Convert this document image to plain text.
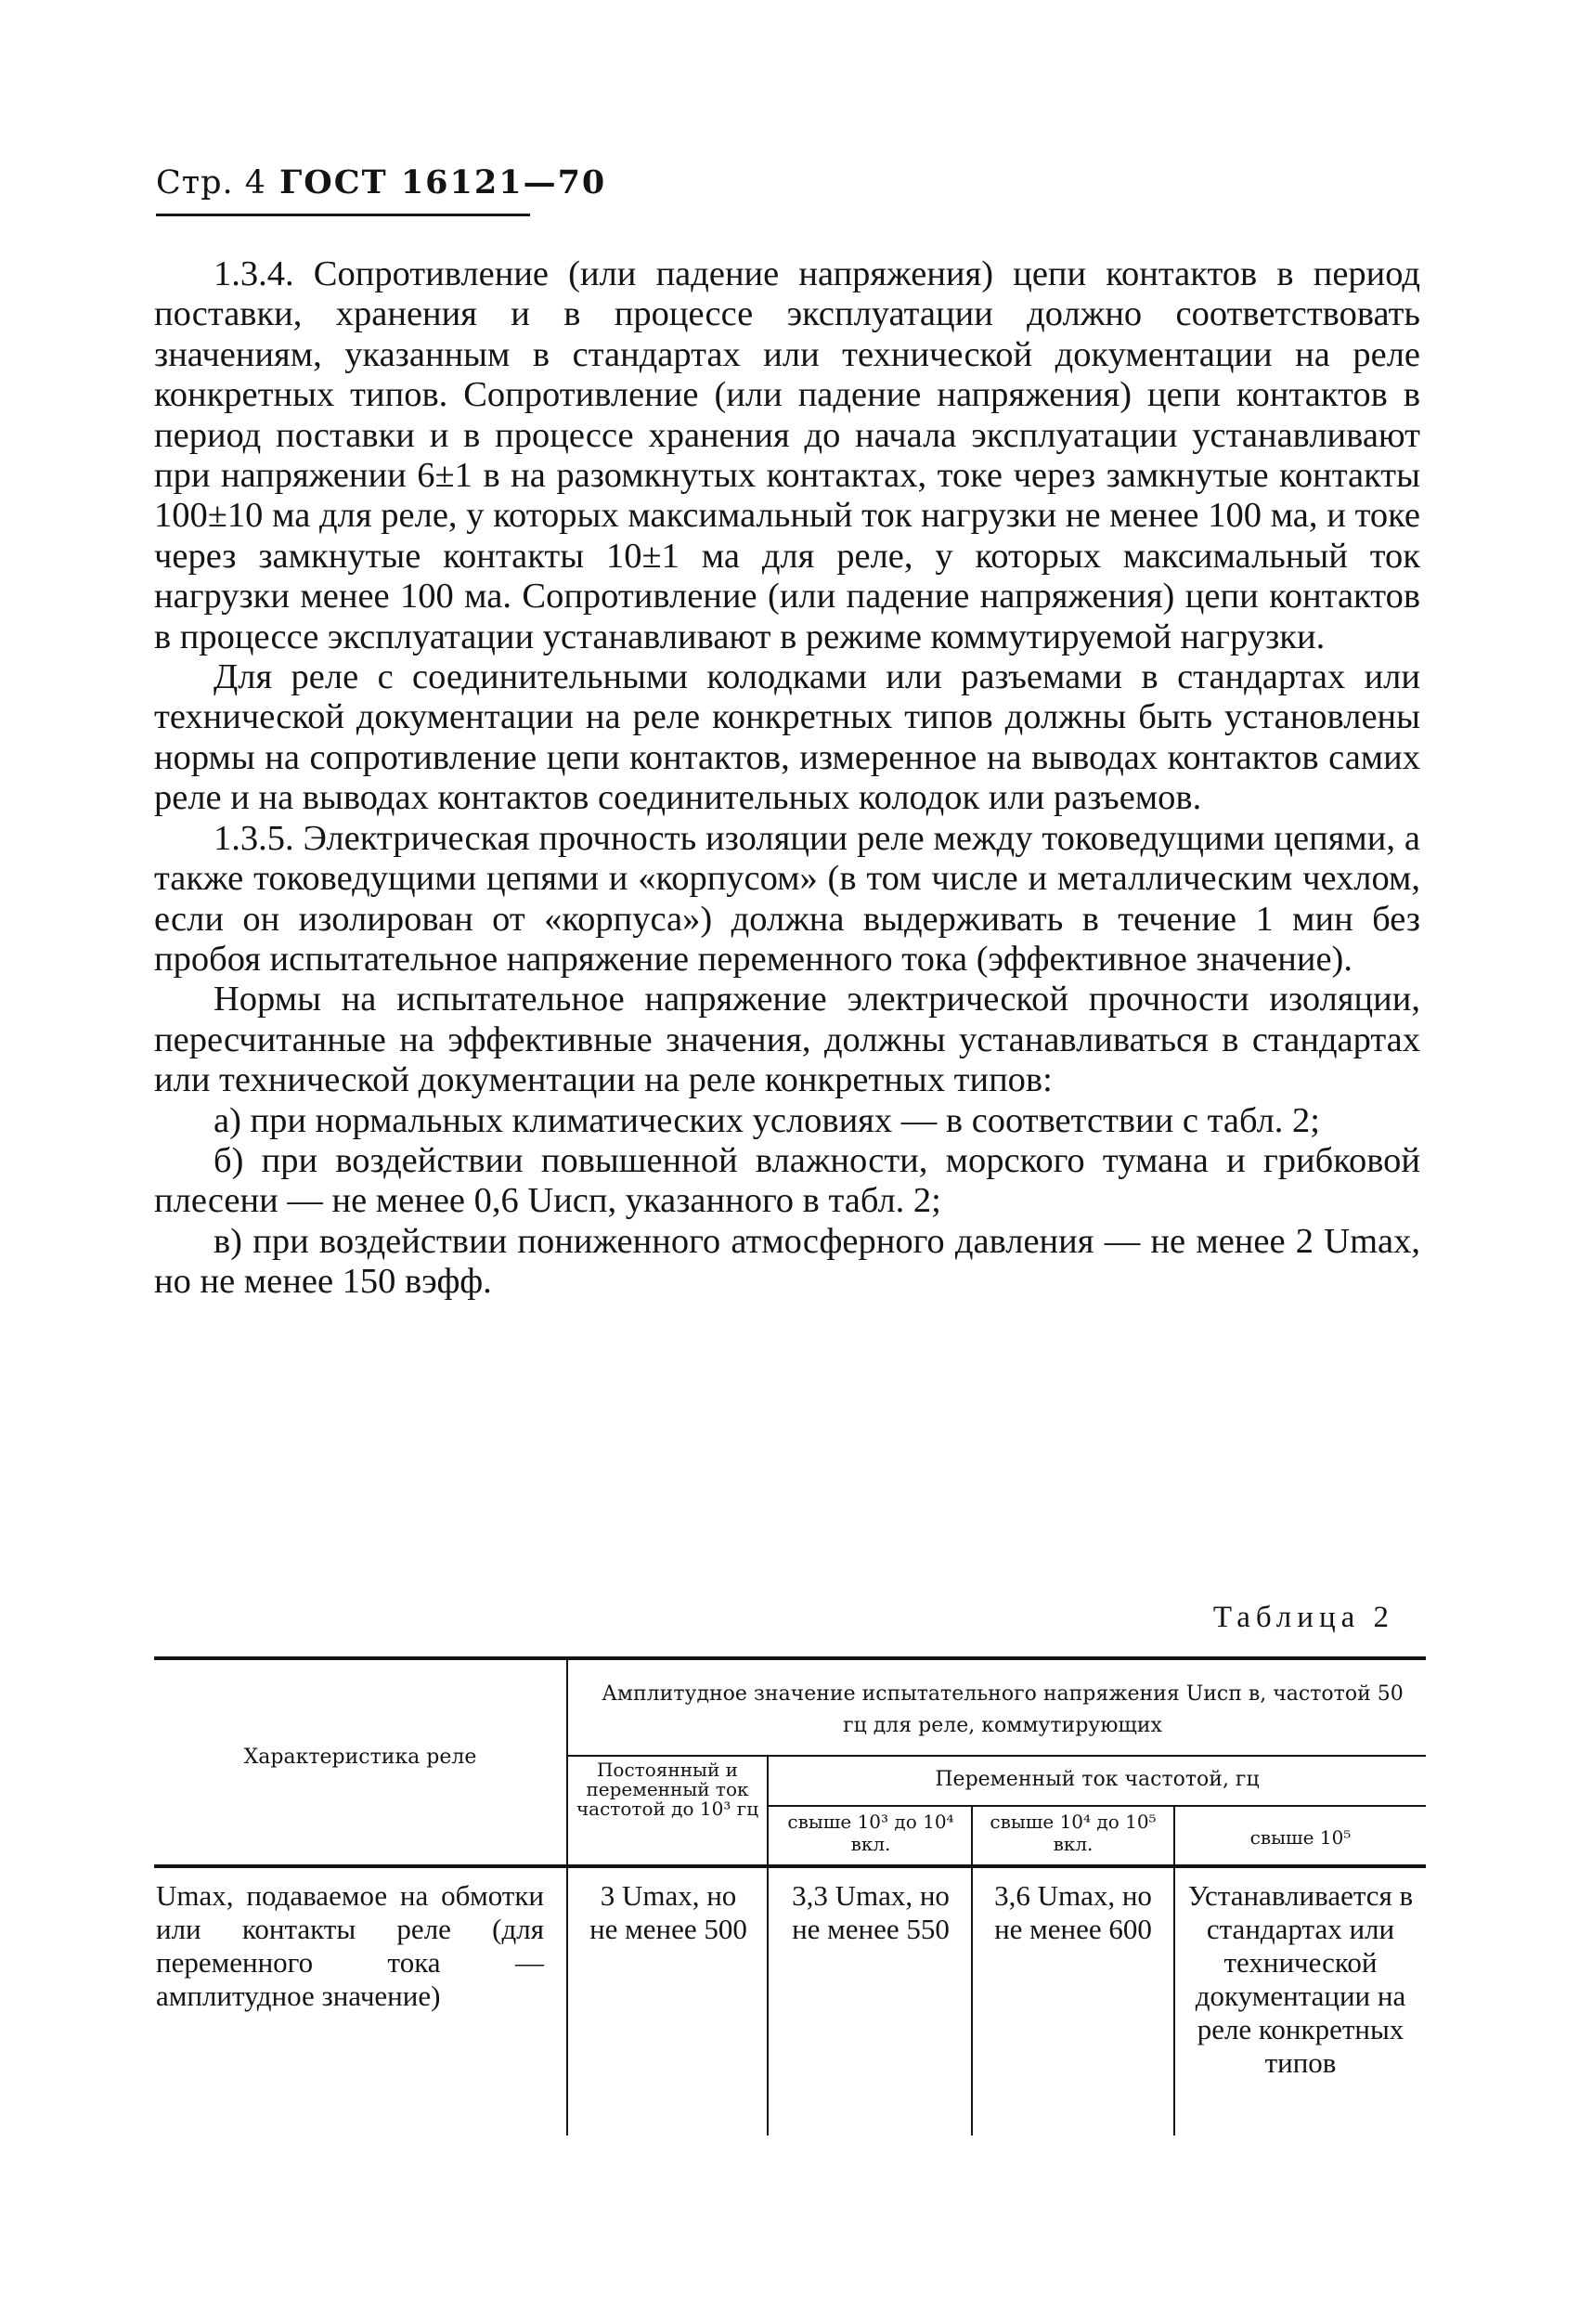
Стр. 4 ГОСТ 16121—70

1.3.4. Сопротивление (или падение напряжения) цепи контактов в период поставки, хранения и в процессе эксплуатации должно соответствовать значениям, указанным в стандартах или технической документации на реле конкретных типов. Сопротивление (или падение напряжения) цепи контактов в период поставки и в процессе хранения до начала эксплуатации устанавливают при напряжении 6±1 в на разомкнутых контактах, токе через замкнутые контакты 100±10 ма для реле, у которых максимальный ток нагрузки не менее 100 ма, и токе через замкнутые контакты 10±1 ма для реле, у которых максимальный ток нагрузки менее 100 ма. Сопротивление (или падение напряжения) цепи контактов в процессе эксплуатации устанавливают в режиме коммутируемой нагрузки.

Для реле с соединительными колодками или разъемами в стандартах или технической документации на реле конкретных типов должны быть установлены нормы на сопротивление цепи контактов, измеренное на выводах контактов самих реле и на выводах контактов соединительных колодок или разъемов.

1.3.5. Электрическая прочность изоляции реле между токоведущими цепями, а также токоведущими цепями и «корпусом» (в том числе и металлическим чехлом, если он изолирован от «корпуса») должна выдерживать в течение 1 мин без пробоя испытательное напряжение переменного тока (эффективное значение).

Нормы на испытательное напряжение электрической прочности изоляции, пересчитанные на эффективные значения, должны устанавливаться в стандартах или технической документации на реле конкретных типов:

а) при нормальных климатических условиях — в соответствии с табл. 2;

б) при воздействии повышенной влажности, морского тумана и грибковой плесени — не менее 0,6 Uисп, указанного в табл. 2;

в) при воздействии пониженного атмосферного давления — не менее 2 Umax, но не менее 150 вэфф.

Таблица 2
Характеристика реле
Амплитудное значение испытательного напряжения Uисп в, частотой 50 гц для реле, коммутирующих
Постоянный и переменный ток частотой до 10³ гц
Переменный ток частотой, гц
свыше 10³ до 10⁴ вкл.
свыше 10⁴ до 10⁵ вкл.	свыше 10⁵
Umax, подаваемое на обмотки или контакты реле (для переменного тока — амплитудное значение)
3 Umax, но не менее 500
3,3 Umax, но не менее 550
3,6 Umax, но не менее 600
Устанавливается в стандартах или технической документации на реле конкретных типов
